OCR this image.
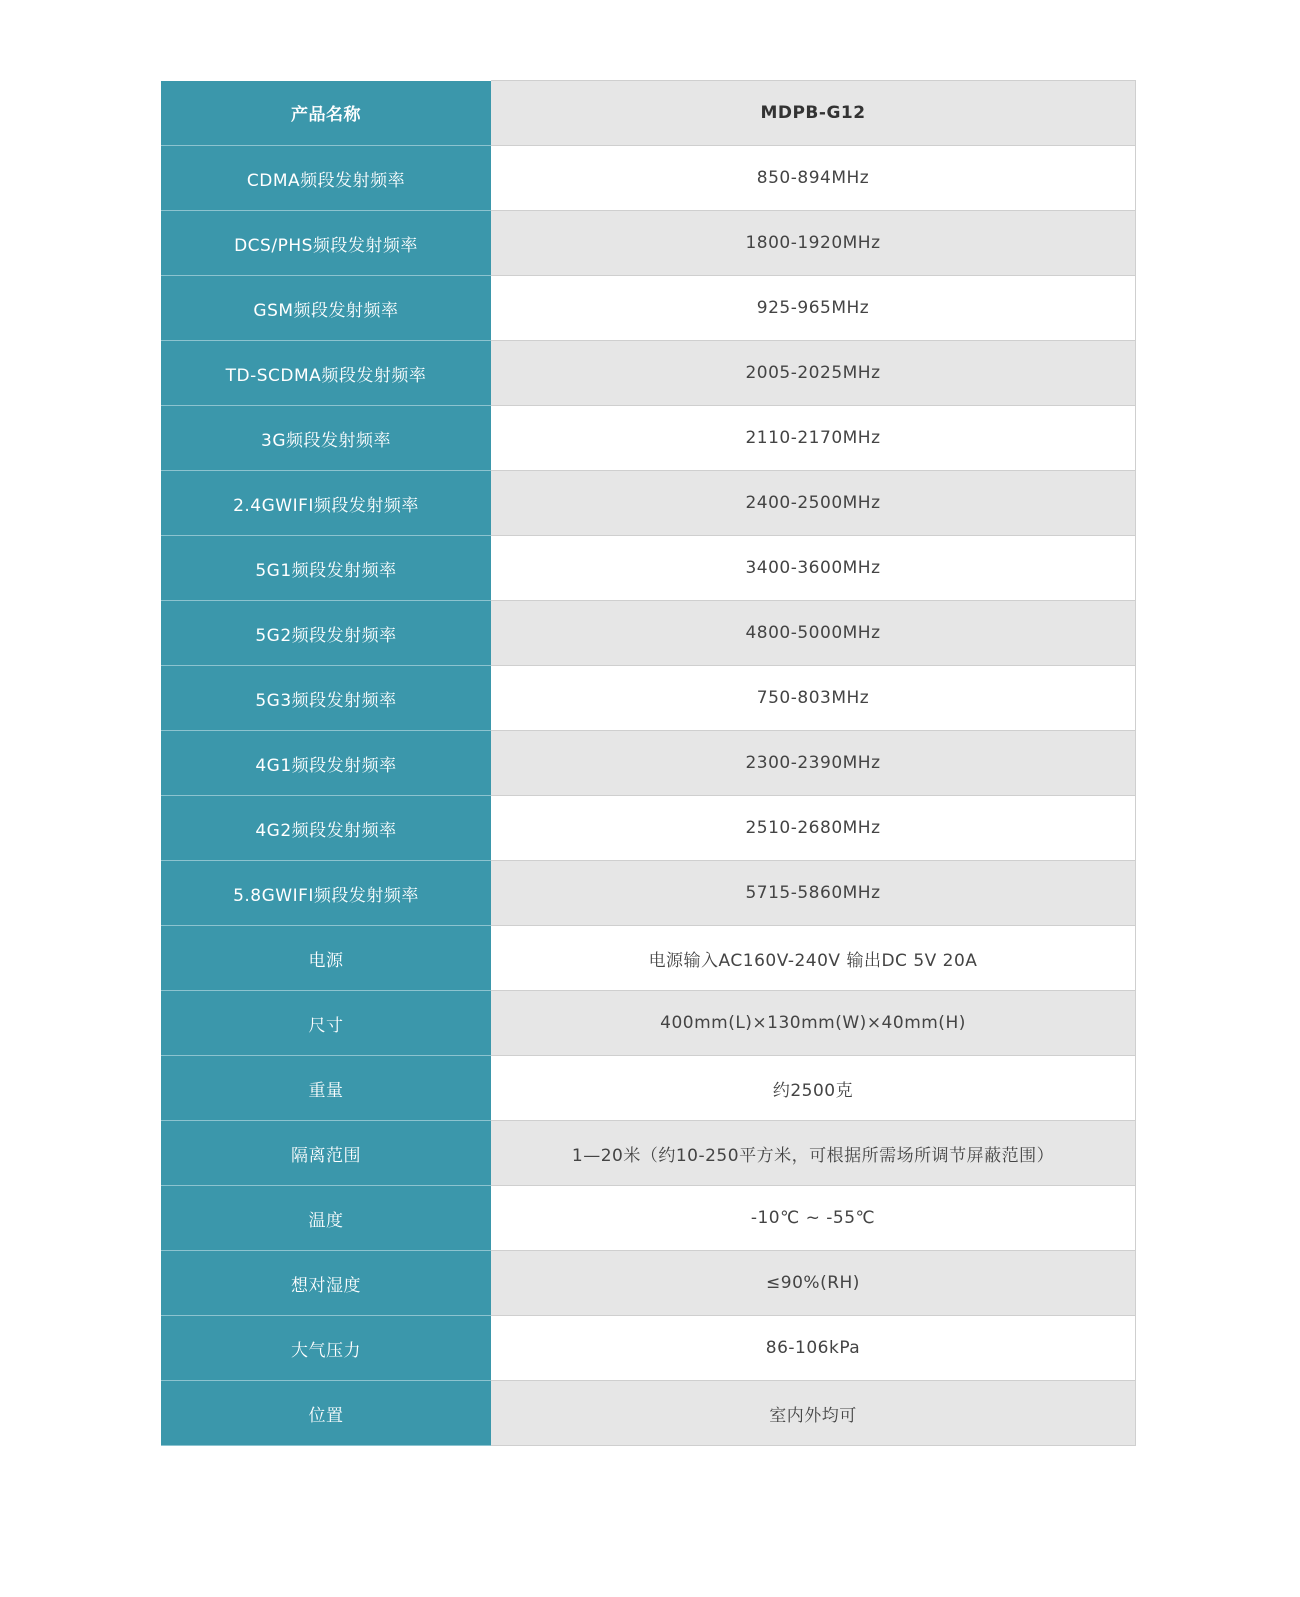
产品名称	MDPB-G12
CDMA频段发射频率	850-894MHz
DCS/PHS频段发射频率	1800-1920MHz
GSM频段发射频率	925-965MHz
TD-SCDMA频段发射频率	2005-2025MHz
3G频段发射频率	2110-2170MHz
2.4GWIFI频段发射频率	2400-2500MHz
5G1频段发射频率	3400-3600MHz
5G2频段发射频率	4800-5000MHz
5G3频段发射频率	750-803MHz
4G1频段发射频率	2300-2390MHz
4G2频段发射频率	2510-2680MHz
5.8GWIFI频段发射频率	5715-5860MHz
电源	电源输入AC160V-240V 输出DC 5V 20A
尺寸	400mm(L)×130mm(W)×40mm(H)
重量	约2500克
隔离范围	1—20米（约10-250平方米，可根据所需场所调节屏蔽范围）
温度	-10℃ ~ -55℃
想对湿度	≤90%(RH)
大气压力	86-106kPa
位置	室内外均可
